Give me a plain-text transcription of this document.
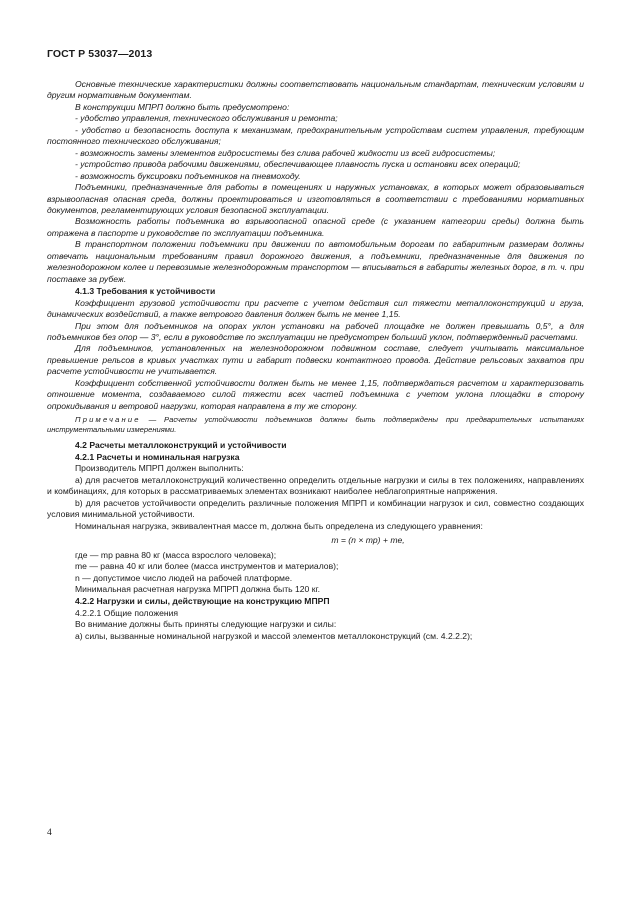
ГОСТ Р 53037—2013

Основные технические характеристики должны соответствовать национальным стандартам, техническим условиям и другим нормативным документам.

В конструкции МПРП должно быть предусмотрено:

- удобство управления, технического обслуживания и ремонта;

- удобство и безопасность доступа к механизмам, предохранительным устройствам систем управления, требующим постоянного технического обслуживания;

- возможность замены элементов гидросистемы без слива рабочей жидкости из всей гидросистемы;

- устройство привода рабочими движениями, обеспечивающее плавность пуска и остановки всех операций;

- возможность буксировки подъемников на пневмоходу.

Подъемники, предназначенные для работы в помещениях и наружных установках, в которых может образовываться взрывоопасная опасная среда, должны проектироваться и изготовляться в соответствии с требованиями нормативных документов, регламентирующих условия безопасной эксплуатации.

Возможность работы подъемника во взрывоопасной опасной среде (с указанием категории среды) должна быть отражена в паспорте и руководстве по эксплуатации подъемника.

В транспортном положении подъемники при движении по автомобильным дорогам по габаритным размерам должны отвечать национальным требованиям правил дорожного движения, а подъемники, предназначенные для движения по железнодорожном колее и перевозимые железнодорожным транспортом — вписываться в габариты железных дорог, в т. ч. при поставке за рубеж.

4.1.3 Требования к устойчивости

Коэффициент грузовой устойчивости при расчете с учетом действия сил тяжести металлоконструкций и груза, динамических воздействий, а также ветрового давления должен быть не менее 1,15.

При этом для подъемников на опорах уклон установки на рабочей площадке не должен превышать 0,5°, а для подъемников без опор — 3°, если в руководстве по эксплуатации не предусмотрен больший уклон, подтвержденный расчетами.

Для подъемников, установленных на железнодорожном подвижном составе, следует учитывать максимальное превышение рельсов в кривых участках пути и габарит подвески контактного провода. Действие рельсовых захватов при расчете устойчивости не учитывается.

Коэффициент собственной устойчивости должен быть не менее 1,15, подтверждаться расчетом и характеризовать отношение момента, создаваемого силой тяжести всех частей подъемника с учетом уклона площадки в сторону опрокидывания и ветровой нагрузки, которая направлена в ту же сторону.

Примечание — Расчеты устойчивости подъемников должны быть подтверждены при предварительных испытаниях инструментальными измерениями.

4.2 Расчеты металлоконструкций и устойчивости

4.2.1 Расчеты и номинальная нагрузка

Производитель МПРП должен выполнить:

а) для расчетов металлоконструкций количественно определить отдельные нагрузки и силы в тех положениях, направлениях и комбинациях, для которых в рассматриваемых элементах возникают наиболее неблагоприятные напряжения.

b) для расчетов устойчивости определить различные положения МПРП и комбинации нагрузок и сил, совместно создающих условия минимальной устойчивости.

Номинальная нагрузка, эквивалентная массе m, должна быть определена из следующего уравнения:

m = (n × mp) + me,

где — mp равна 80 кг (масса взрослого человека);

me — равна 40 кг или более (масса инструментов и материалов);

n — допустимое число людей на рабочей платформе.

Минимальная расчетная нагрузка МПРП должна быть 120 кг.

4.2.2 Нагрузки и силы, действующие на конструкцию МПРП

4.2.2.1 Общие положения

Во внимание должны быть приняты следующие нагрузки и силы:

а) силы, вызванные номинальной нагрузкой и массой элементов металлоконструкций (см. 4.2.2.2);

4
